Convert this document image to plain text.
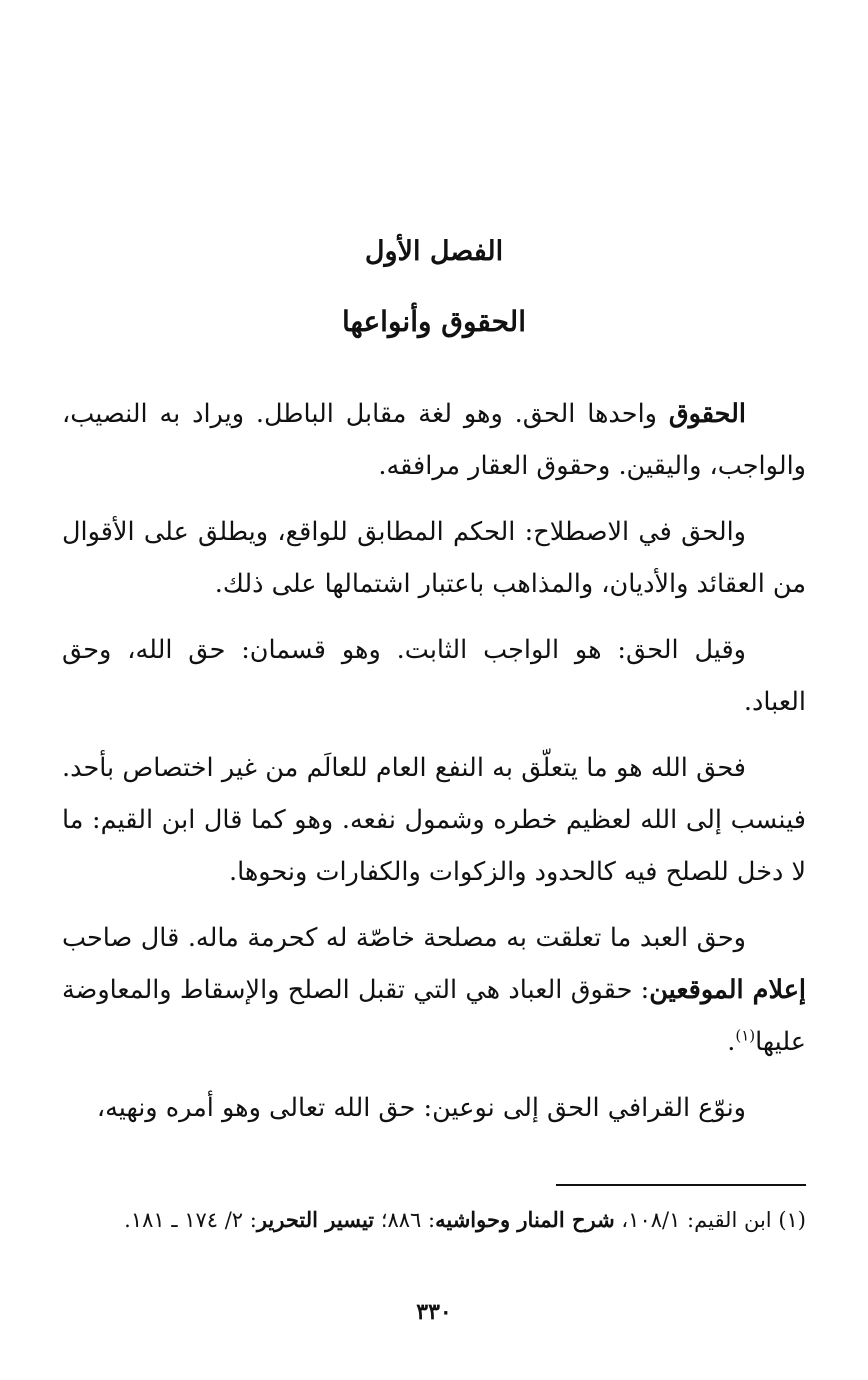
الفصل الأول
الحقوق وأنواعها

الحقوق واحدها الحق. وهو لغة مقابل الباطل. ويراد به النصيب، والواجب، واليقين. وحقوق العقار مرافقه.

والحق في الاصطلاح: الحكم المطابق للواقع، ويطلق على الأقوال من العقائد والأديان، والمذاهب باعتبار اشتمالها على ذلك.

وقيل الحق: هو الواجب الثابت. وهو قسمان: حق الله، وحق العباد.

فحق الله هو ما يتعلّق به النفع العام للعالَم من غير اختصاص بأحد. فينسب إلى الله لعظيم خطره وشمول نفعه. وهو كما قال ابن القيم: ما لا دخل للصلح فيه كالحدود والزكوات والكفارات ونحوها.

وحق العبد ما تعلقت به مصلحة خاصّة له كحرمة ماله. قال صاحب إعلام الموقعين: حقوق العباد هي التي تقبل الصلح والإسقاط والمعاوضة عليها$^{(١)}$.

ونوّع القرافي الحق إلى نوعين: حق الله تعالى وهو أمره ونهيه،

(١) ابن القيم: ١٠٨/١، شرح المنار وحواشيه: ٨٨٦؛ تيسير التحرير: ٢/ ١٧٤ ـ ١٨١.
٣٣٠
